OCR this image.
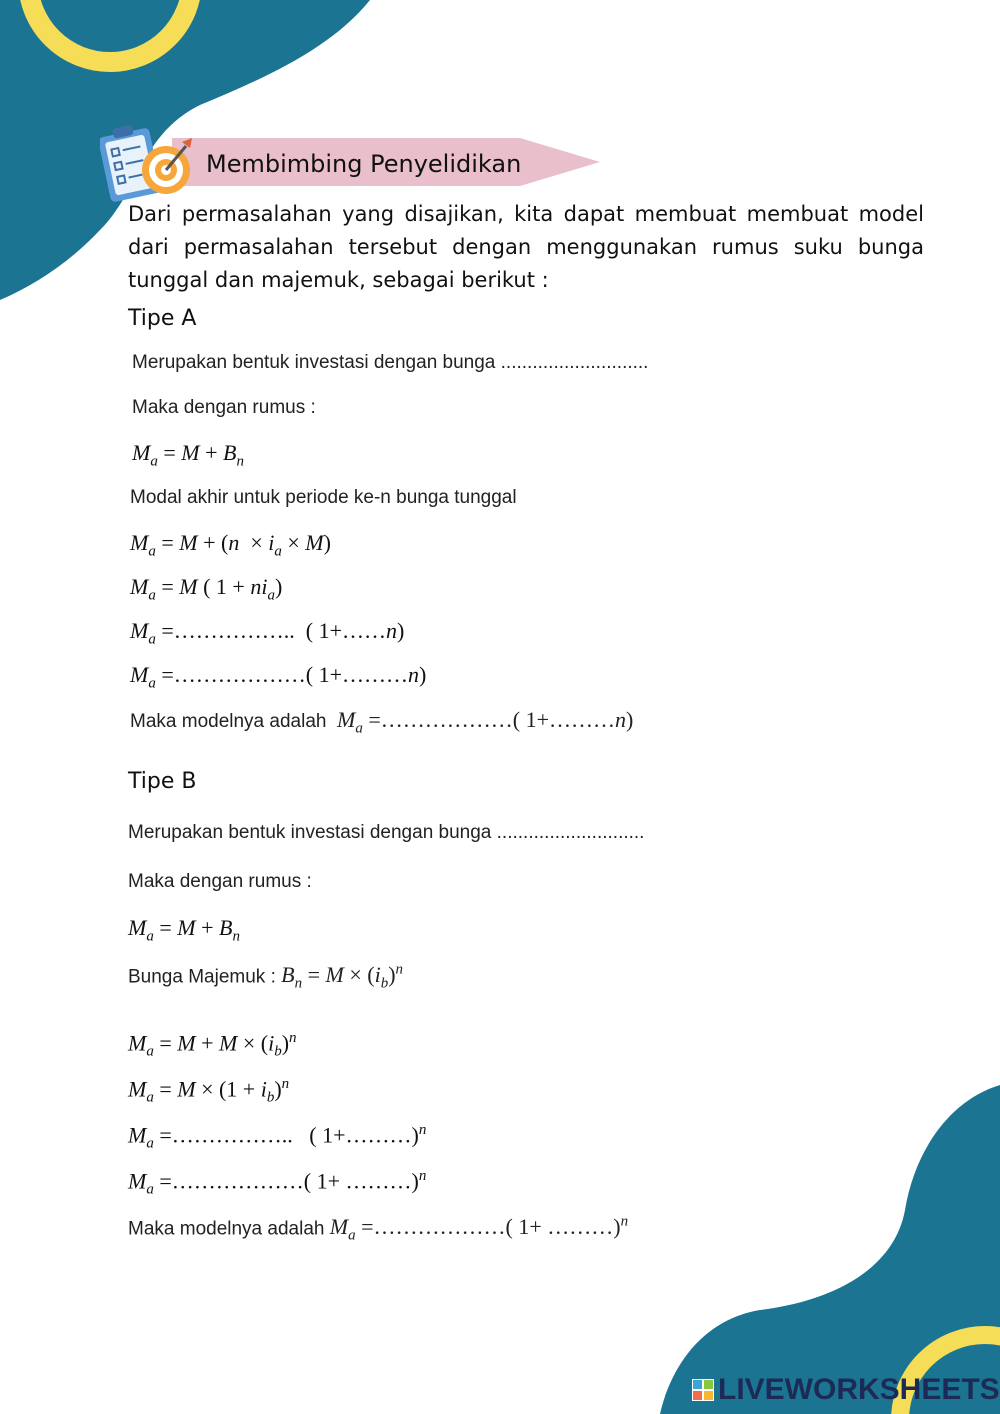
Membimbing Penyelidikan

Dari permasalahan yang disajikan, kita dapat membuat membuat model dari permasalahan tersebut dengan menggunakan rumus suku bunga tunggal dan majemuk, sebagai berikut :

Tipe A
Merupakan bentuk investasi dengan bunga ............................
Maka dengan rumus :
$M_a = M + B_n$
Modal akhir untuk periode ke-n bunga tunggal
$M_a = M + (n \times i_a \times M)$
$M_a = M$ ( $1 + ni_a$)
$M_a$ =……………..  ( 1+……n)
$M_a$ =………………( 1+………n)
Maka modelnya adalah $M_a$ =………………( 1+………n)
Tipe B
Merupakan bentuk investasi dengan bunga ............................
Maka dengan rumus :
$M_a = M + B_n$
Bunga Majemuk : $B_n = M \times (i_b)^n$
$M_a = M + M \times (i_b)^n$
$M_a = M \times (1 + i_b)^n$
$M_a$ =……………..   ( 1+………)$^n$
$M_a$ =………………( 1+ ………)$^n$
Maka modelnya adalah $M_a$ =………………( 1+ ………)$^n$
LIVEWORKSHEETS
